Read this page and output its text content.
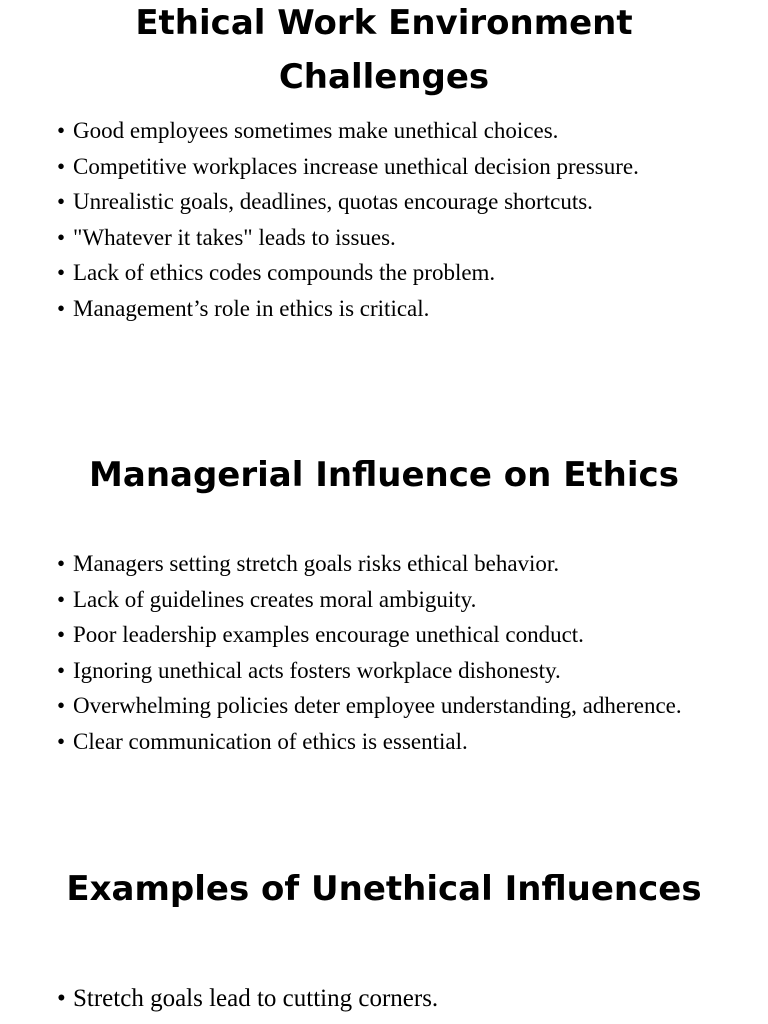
Ethical Work Environment Challenges
• Good employees sometimes make unethical choices.
• Competitive workplaces increase unethical decision pressure.
• Unrealistic goals, deadlines, quotas encourage shortcuts.
• "Whatever it takes" leads to issues.
• Lack of ethics codes compounds the problem.
• Management’s role in ethics is critical.
Managerial Influence on Ethics
• Managers setting stretch goals risks ethical behavior.
• Lack of guidelines creates moral ambiguity.
• Poor leadership examples encourage unethical conduct.
• Ignoring unethical acts fosters workplace dishonesty.
• Overwhelming policies deter employee understanding, adherence.
• Clear communication of ethics is essential.
Examples of Unethical Influences
• Stretch goals lead to cutting corners.
